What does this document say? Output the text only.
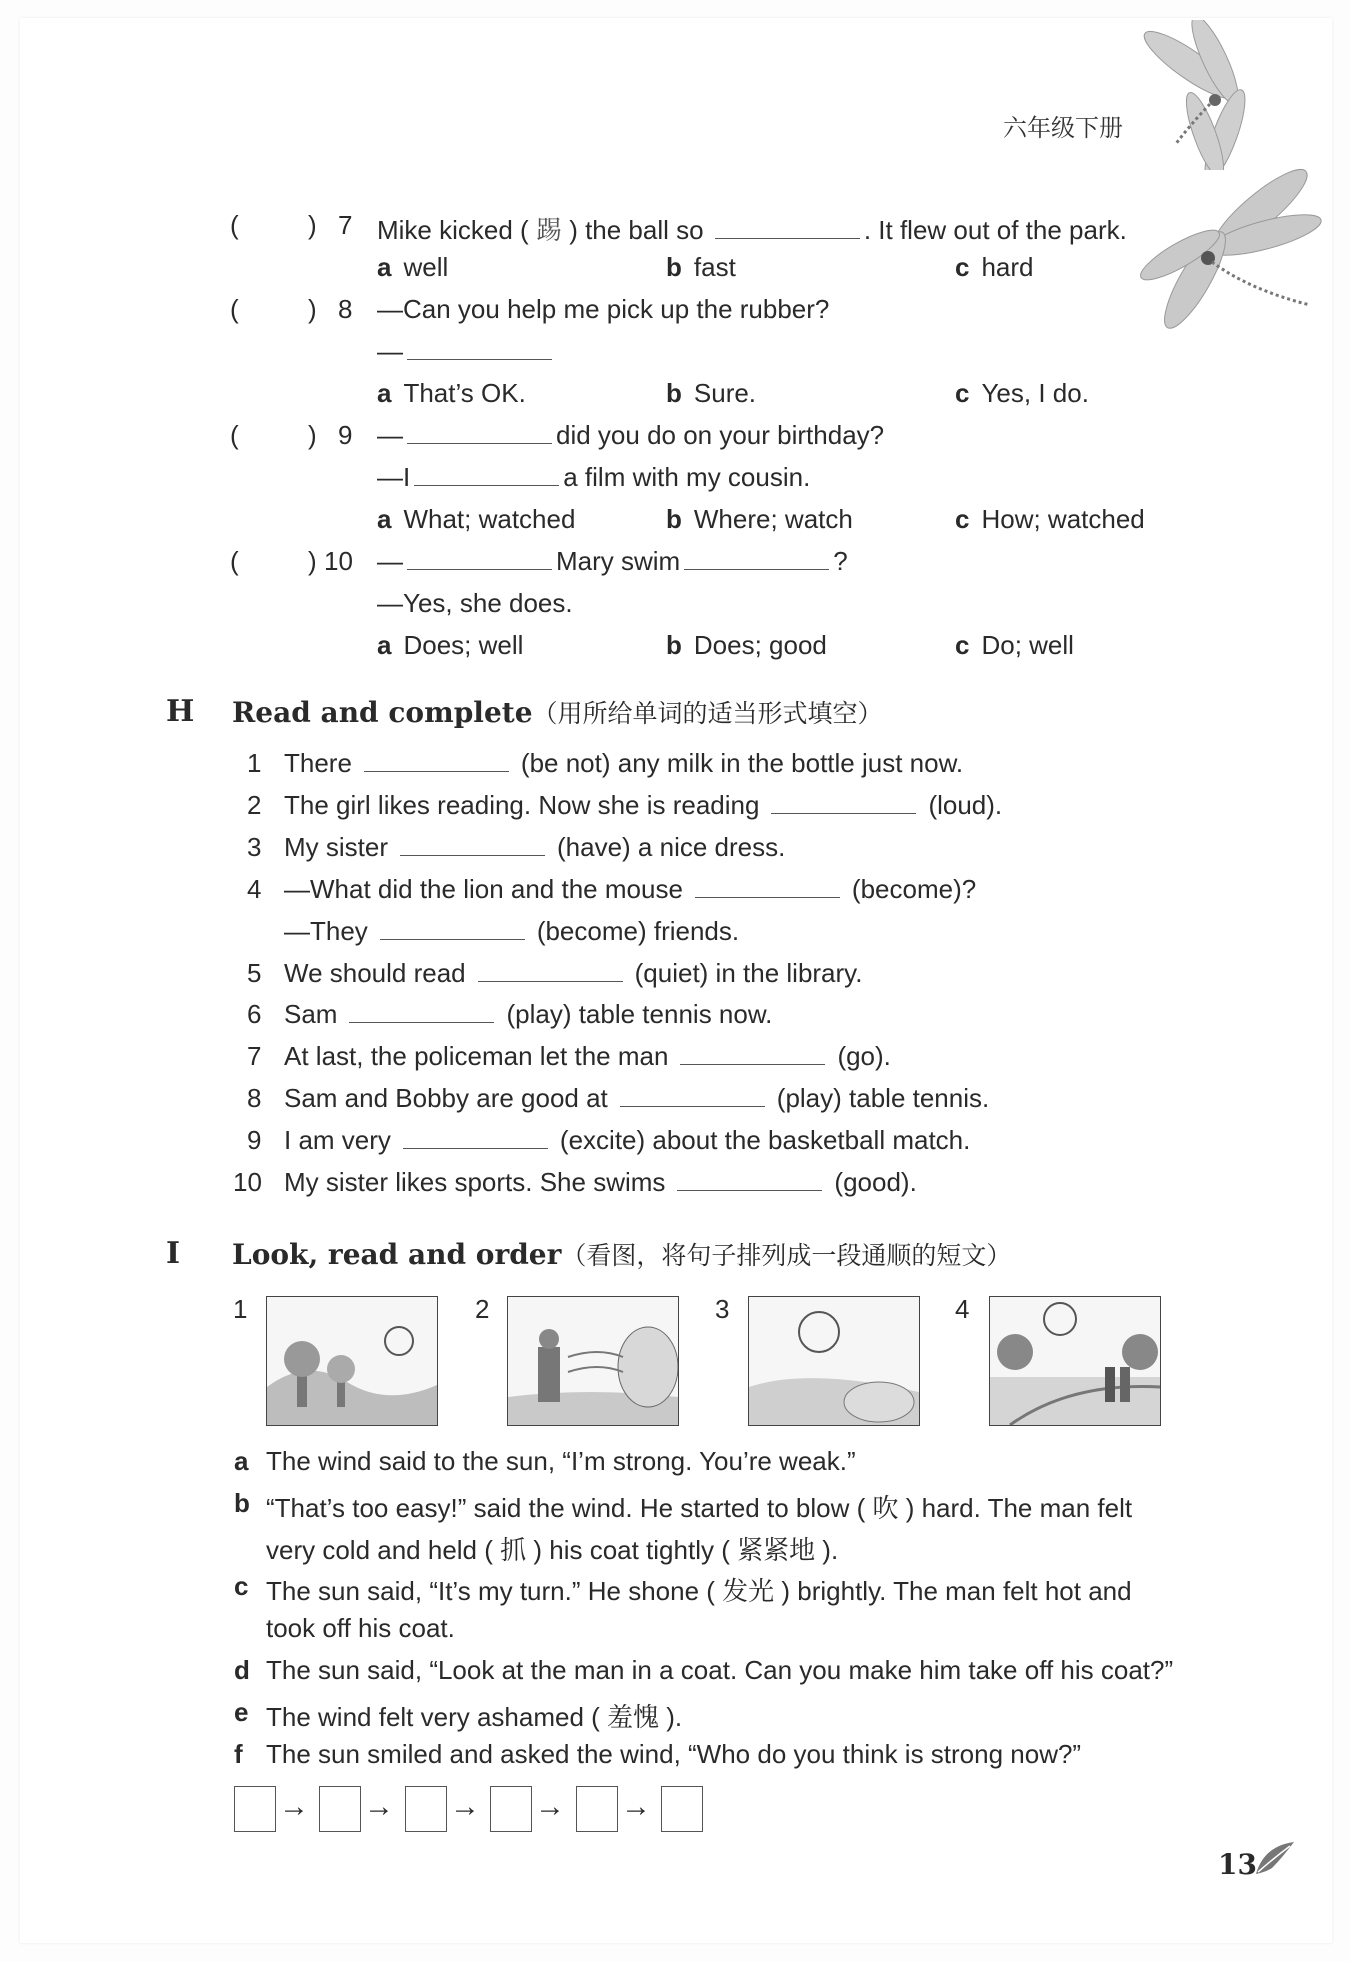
六年级下册
(	) 7 Mike kicked ( 踢 ) the ball so	. It flew out of the park.
a well	b fast	c hard
(	) 8 —Can you help me pick up the rubber?
—
a That’s OK.	b Sure.	c Yes, I do.
(	) 9 —	did you do on your birthday?
—I	a film with my cousin.
a What; watched	b Where; watch	c How; watched
(	) 10 —	Mary swim	?
—Yes, she does.
a Does; well	b Does; good	c Do; well
H Read and complete（用所给单词的适当形式填空）
1 There	(be not) any milk in the bottle just now.
2 The girl likes reading. Now she is reading	(loud).
3 My sister	(have) a nice dress.
4 —What did the lion and the mouse	(become)?
—They	(become) friends.
5 We should read	(quiet) in the library.
6 Sam	(play) table tennis now.
7 At last, the policeman let the man	(go).
8 Sam and Bobby are good at	(play) table tennis.
9 I am very	(excite) about the basketball match.
10 My sister likes sports. She swims	(good).
I Look, read and order（看图，将句子排列成一段通顺的短文）
1	2	3	4
a The wind said to the sun, “I’m strong. You’re weak.”
b “That’s too easy!” said the wind. He started to blow ( 吹 ) hard. The man felt
very cold and held ( 抓 ) his coat tightly ( 紧紧地 ).
c The sun said, “It’s my turn.” He shone ( 发光 ) brightly. The man felt hot and
took off his coat.
d The sun said, “Look at the man in a coat. Can you make him take off his coat?”
e The wind felt very ashamed ( 羞愧 ).
f The sun smiled and asked the wind, “Who do you think is strong now?”
→ → → → →
13
